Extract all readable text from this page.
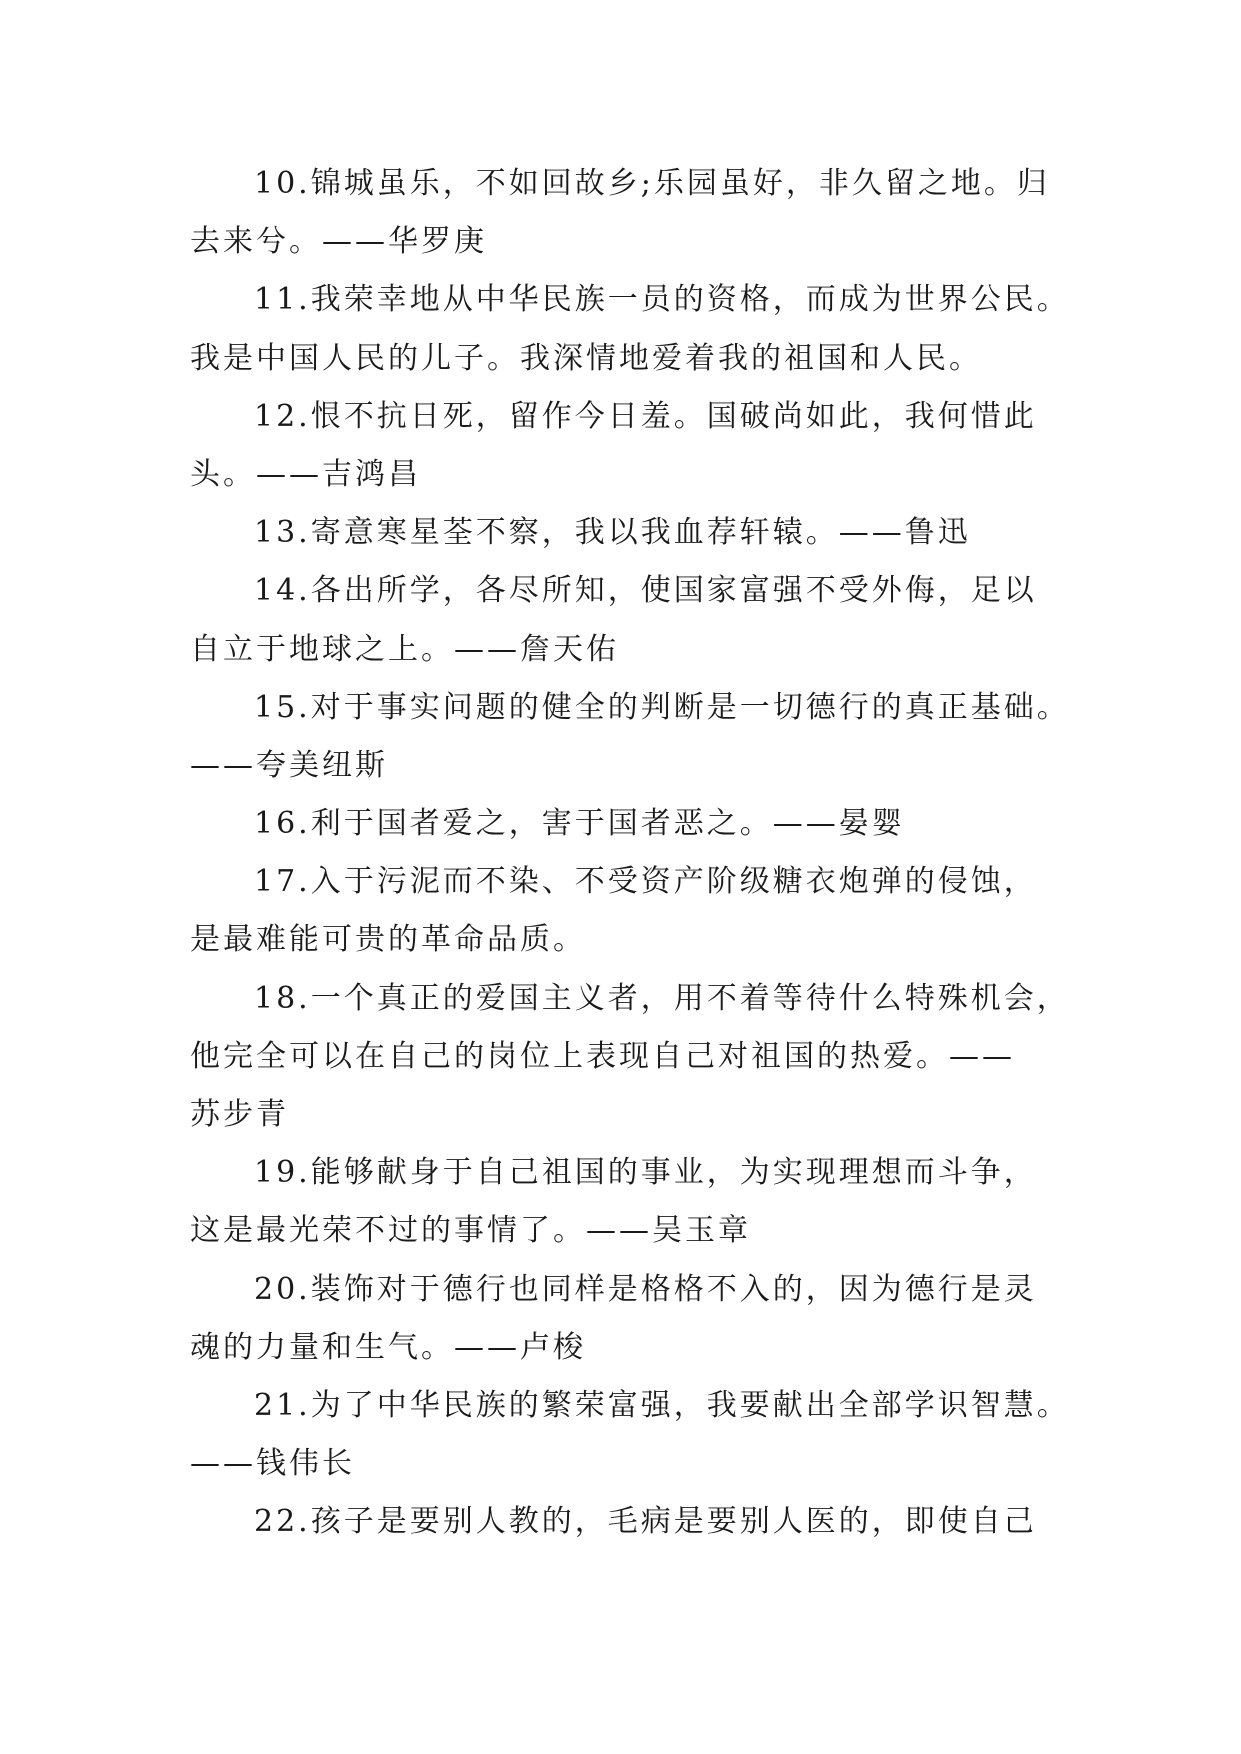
10.锦城虽乐，不如回故乡;乐园虽好，非久留之地。归
去来兮。——华罗庚
11.我荣幸地从中华民族一员的资格，而成为世界公民。
我是中国人民的儿子。我深情地爱着我的祖国和人民。
12.恨不抗日死，留作今日羞。国破尚如此，我何惜此
头。——吉鸿昌
13.寄意寒星荃不察，我以我血荐轩辕。——鲁迅
14.各出所学，各尽所知，使国家富强不受外侮，足以
自立于地球之上。——詹天佑
15.对于事实问题的健全的判断是一切德行的真正基础。
——夸美纽斯
16.利于国者爱之，害于国者恶之。——晏婴
17.入于污泥而不染、不受资产阶级糖衣炮弹的侵蚀，
是最难能可贵的革命品质。
18.一个真正的爱国主义者，用不着等待什么特殊机会，
他完全可以在自己的岗位上表现自己对祖国的热爱。——
苏步青
19.能够献身于自己祖国的事业，为实现理想而斗争，
这是最光荣不过的事情了。——吴玉章
20.装饰对于德行也同样是格格不入的，因为德行是灵
魂的力量和生气。——卢梭
21.为了中华民族的繁荣富强，我要献出全部学识智慧。
——钱伟长
22.孩子是要别人教的，毛病是要别人医的，即使自己
